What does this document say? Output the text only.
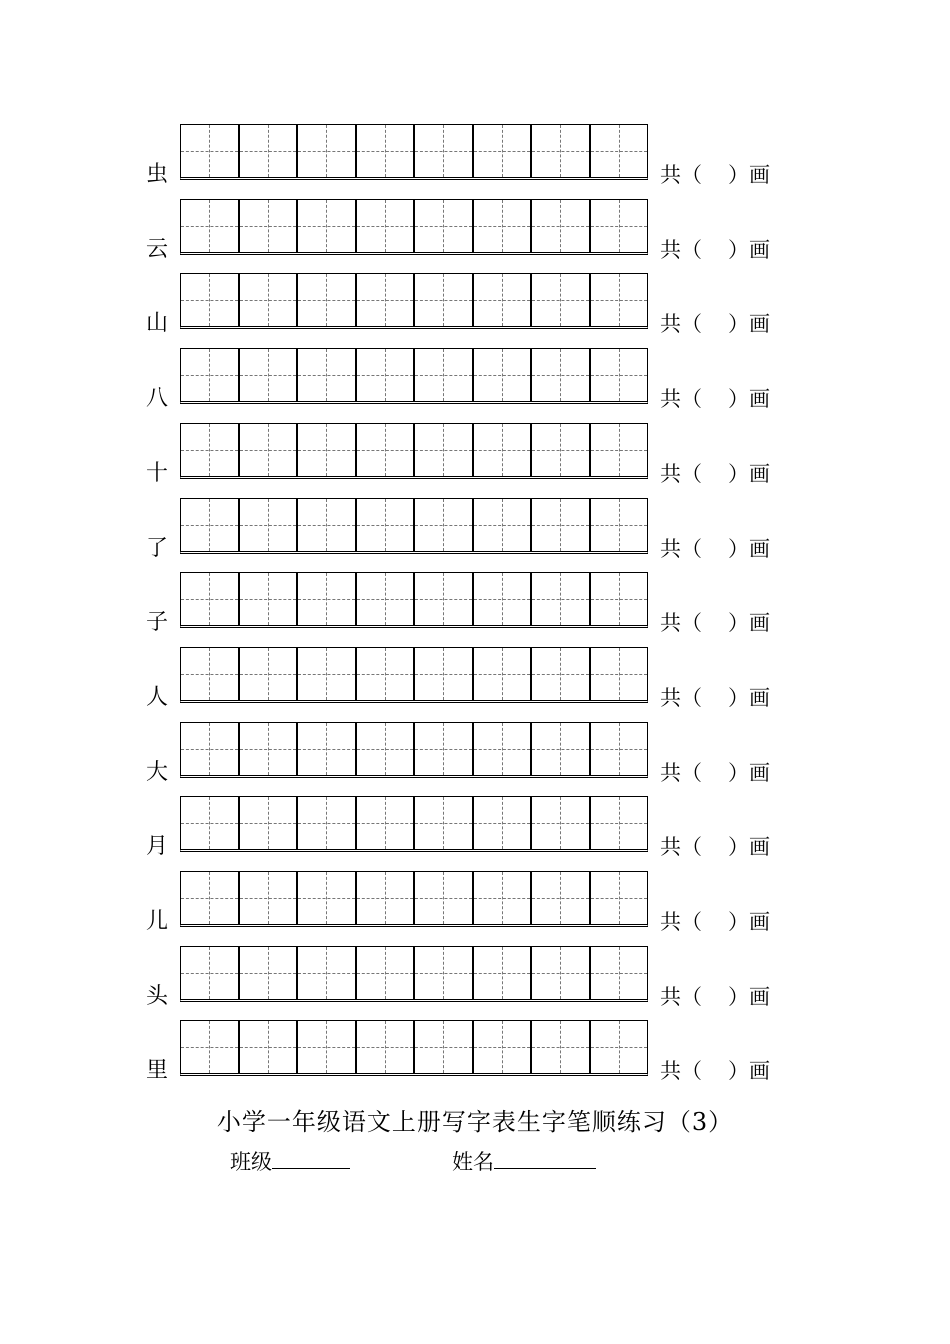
虫	共（ ）画
云	共（ ）画
山	共（ ）画
八	共（ ）画
十	共（ ）画
了	共（ ）画
子	共（ ）画
人	共（ ）画
大	共（ ）画
月	共（ ）画
儿	共（ ）画
头	共（ ）画
里	共（ ）画
小学一年级语文上册写字表生字笔顺练习（3）
班级	姓名
